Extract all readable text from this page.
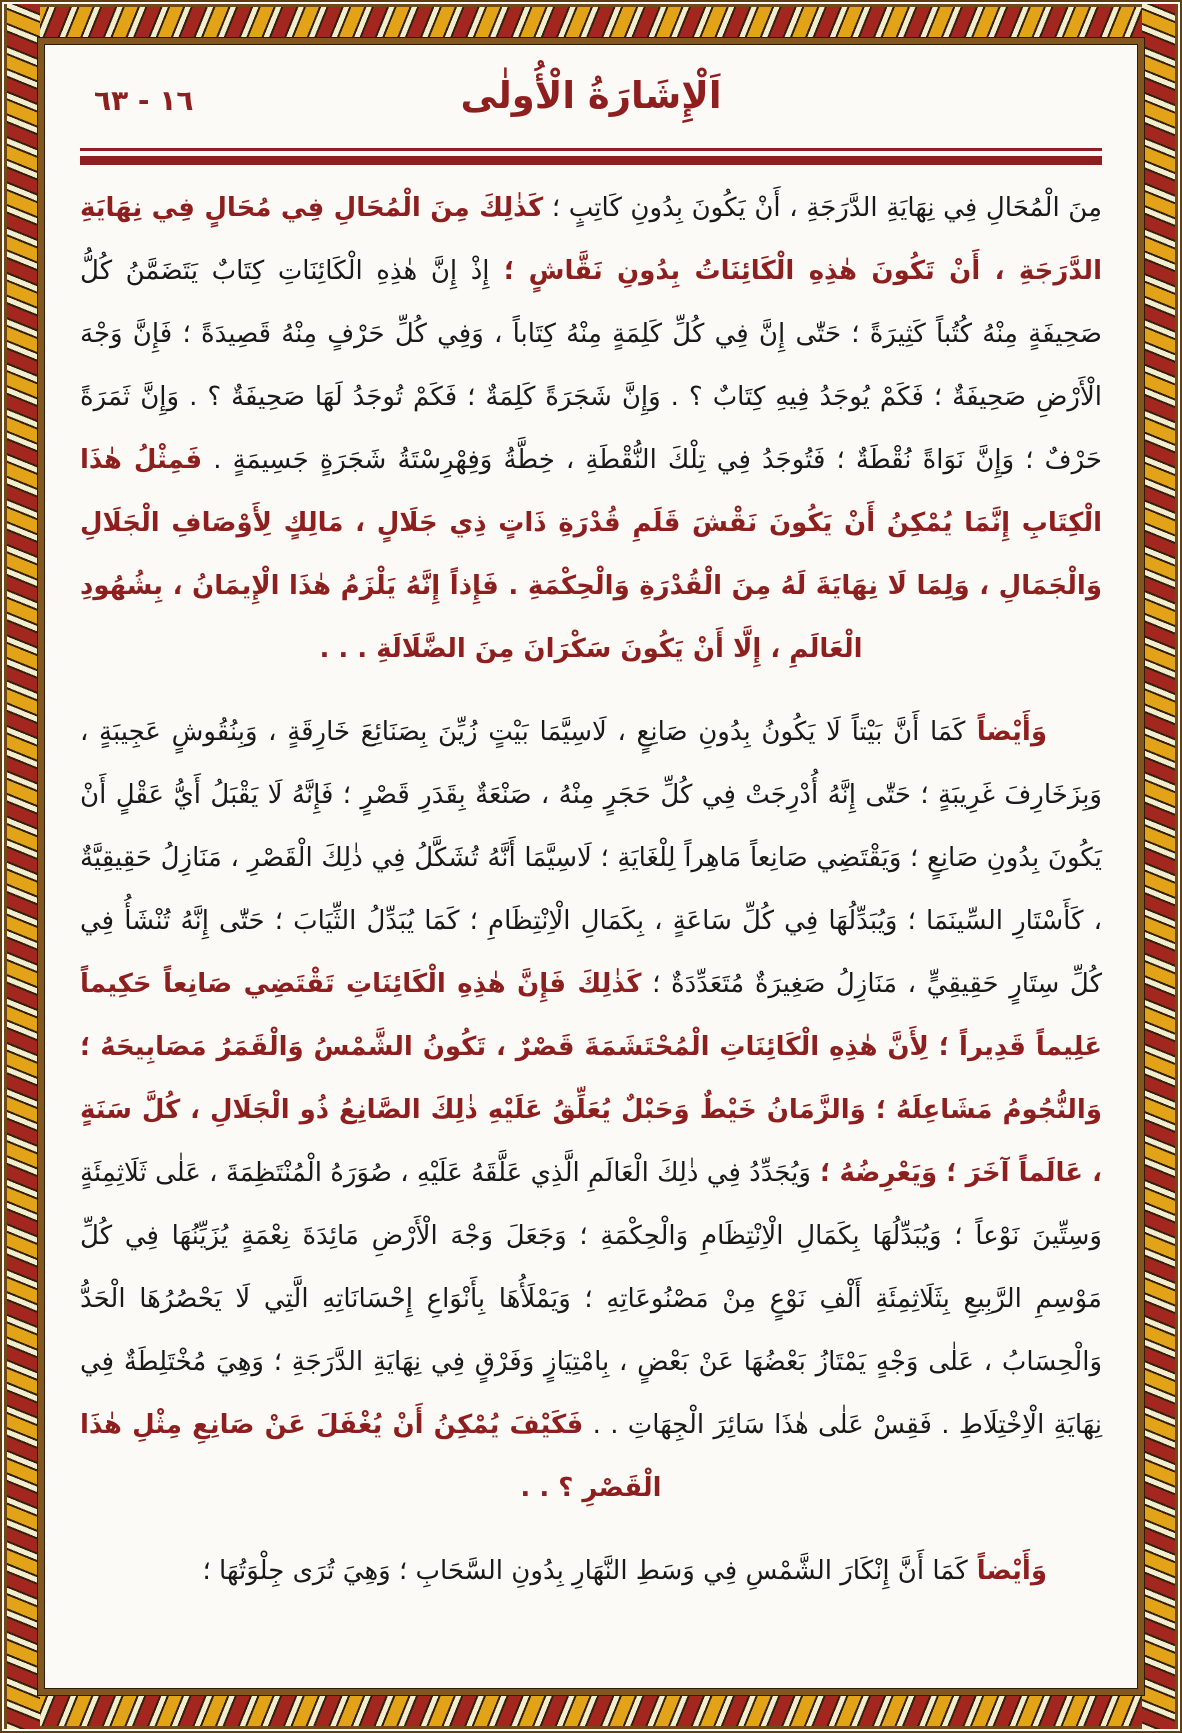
١٦ - ٦٣	اَلْإِشَارَةُ الْأُولٰى

مِنَ الْمُحَالِ فِي نِهَايَةِ الدَّرَجَةِ ، أَنْ يَكُونَ بِدُونِ كَاتِبٍ ؛ كَذٰلِكَ مِنَ الْمُحَالِ فِي مُحَالٍ فِي نِهَايَةِ الدَّرَجَةِ ، أَنْ تَكُونَ هٰذِهِ الْكَائِنَاتُ بِدُونِ نَقَّاشٍ ؛ إِذْ إِنَّ هٰذِهِ الْكَائِنَاتِ كِتَابٌ يَتَضَمَّنُ كُلُّ صَحِيفَةٍ مِنْهُ كُتُباً كَثِيرَةً ؛ حَتّٰى إِنَّ فِي كُلِّ كَلِمَةٍ مِنْهُ كِتَاباً ، وَفِي كُلِّ حَرْفٍ مِنْهُ قَصِيدَةً ؛ فَإِنَّ وَجْهَ الْأَرْضِ صَحِيفَةٌ ؛ فَكَمْ يُوجَدُ فِيهِ كِتَابٌ ؟ . وَإِنَّ شَجَرَةً كَلِمَةٌ ؛ فَكَمْ تُوجَدُ لَهَا صَحِيفَةٌ ؟ . وَإِنَّ ثَمَرَةً حَرْفٌ ؛ وَإِنَّ نَوَاةً نُقْطَةٌ ؛ فَتُوجَدُ فِي تِلْكَ النُّقْطَةِ ، خِطَّةُ وَفِهْرِسْتَةُ شَجَرَةٍ جَسِيمَةٍ . فَمِثْلُ هٰذَا الْكِتَابِ إِنَّمَا يُمْكِنُ أَنْ يَكُونَ نَقْشَ قَلَمِ قُدْرَةِ ذَاتٍ ذِي جَلَالٍ ، مَالِكٍ لِأَوْصَافِ الْجَلَالِ وَالْجَمَالِ ، وَلِمَا لَا نِهَايَةَ لَهُ مِنَ الْقُدْرَةِ وَالْحِكْمَةِ . فَإِذاً إِنَّهُ يَلْزَمُ هٰذَا الْإِيمَانُ ، بِشُهُودِ الْعَالَمِ ، إِلَّا أَنْ يَكُونَ سَكْرَانَ مِنَ الضَّلَالَةِ . . .

وَأَيْضاً كَمَا أَنَّ بَيْتاً لَا يَكُونُ بِدُونِ صَانِعٍ ، لَاسِيَّمَا بَيْتٍ زُيِّنَ بِصَنَائِعَ خَارِقَةٍ ، وَبِنُقُوشٍ عَجِيبَةٍ ، وَبِزَخَارِفَ غَرِيبَةٍ ؛ حَتّٰى إِنَّهُ أُدْرِجَتْ فِي كُلِّ حَجَرٍ مِنْهُ ، صَنْعَةٌ بِقَدَرِ قَصْرٍ ؛ فَإِنَّهُ لَا يَقْبَلُ أَيُّ عَقْلٍ أَنْ يَكُونَ بِدُونِ صَانِعٍ ؛ وَيَقْتَضِي صَانِعاً مَاهِراً لِلْغَايَةِ ؛ لَاسِيَّمَا أَنَّهُ تُشَكَّلُ فِي ذٰلِكَ الْقَصْرِ ، مَنَازِلُ حَقِيقِيَّةٌ ، كَأَسْتَارِ السِّينَمَا ؛ وَيُبَدِّلُهَا فِي كُلِّ سَاعَةٍ ، بِكَمَالِ الْاِنْتِظَامِ ؛ كَمَا يُبَدِّلُ الثِّيَابَ ؛ حَتّٰى إِنَّهُ تُنْشَأُ فِي كُلِّ سِتَارٍ حَقِيقِيٍّ ، مَنَازِلُ صَغِيرَةٌ مُتَعَدِّدَةٌ ؛ كَذٰلِكَ فَإِنَّ هٰذِهِ الْكَائِنَاتِ تَقْتَضِي صَانِعاً حَكِيماً عَلِيماً قَدِيراً ؛ لِأَنَّ هٰذِهِ الْكَائِنَاتِ الْمُحْتَشَمَةَ قَصْرٌ ، تَكُونُ الشَّمْسُ وَالْقَمَرُ مَصَابِيحَهُ ؛ وَالنُّجُومُ مَشَاعِلَهُ ؛ وَالزَّمَانُ خَيْطٌ وَحَبْلٌ يُعَلِّقُ عَلَيْهِ ذٰلِكَ الصَّانِعُ ذُو الْجَلَالِ ، كُلَّ سَنَةٍ ، عَالَماً آخَرَ ؛ وَيَعْرِضُهُ ؛ وَيُجَدِّدُ فِي ذٰلِكَ الْعَالَمِ الَّذِي عَلَّقَهُ عَلَيْهِ ، صُوَرَهُ الْمُنْتَظِمَةَ ، عَلٰى ثَلَاثِمِئَةٍ وَسِتِّينَ نَوْعاً ؛ وَيُبَدِّلُهَا بِكَمَالِ الْاِنْتِظَامِ وَالْحِكْمَةِ ؛ وَجَعَلَ وَجْهَ الْأَرْضِ مَائِدَةَ نِعْمَةٍ يُزَيِّنُهَا فِي كُلِّ مَوْسِمِ الرَّبِيعِ بِثَلَاثِمِئَةِ أَلْفِ نَوْعٍ مِنْ مَصْنُوعَاتِهِ ؛ وَيَمْلَأُهَا بِأَنْوَاعِ إِحْسَانَاتِهِ الَّتِي لَا يَحْصُرُهَا الْحَدُّ وَالْحِسَابُ ، عَلٰى وَجْهٍ يَمْتَازُ بَعْضُهَا عَنْ بَعْضٍ ، بِامْتِيَازٍ وَفَرْقٍ فِي نِهَايَةِ الدَّرَجَةِ ؛ وَهِيَ مُخْتَلِطَةٌ فِي نِهَايَةِ الْاِخْتِلَاطِ . فَقِسْ عَلٰى هٰذَا سَائِرَ الْجِهَاتِ . . فَكَيْفَ يُمْكِنُ أَنْ يُغْفَلَ عَنْ صَانِعِ مِثْلِ هٰذَا الْقَصْرِ ؟ . .

وَأَيْضاً كَمَا أَنَّ إِنْكَارَ الشَّمْسِ فِي وَسَطِ النَّهَارِ بِدُونِ السَّحَابِ ؛ وَهِيَ تُرَى جِلْوَتُهَا ؛
